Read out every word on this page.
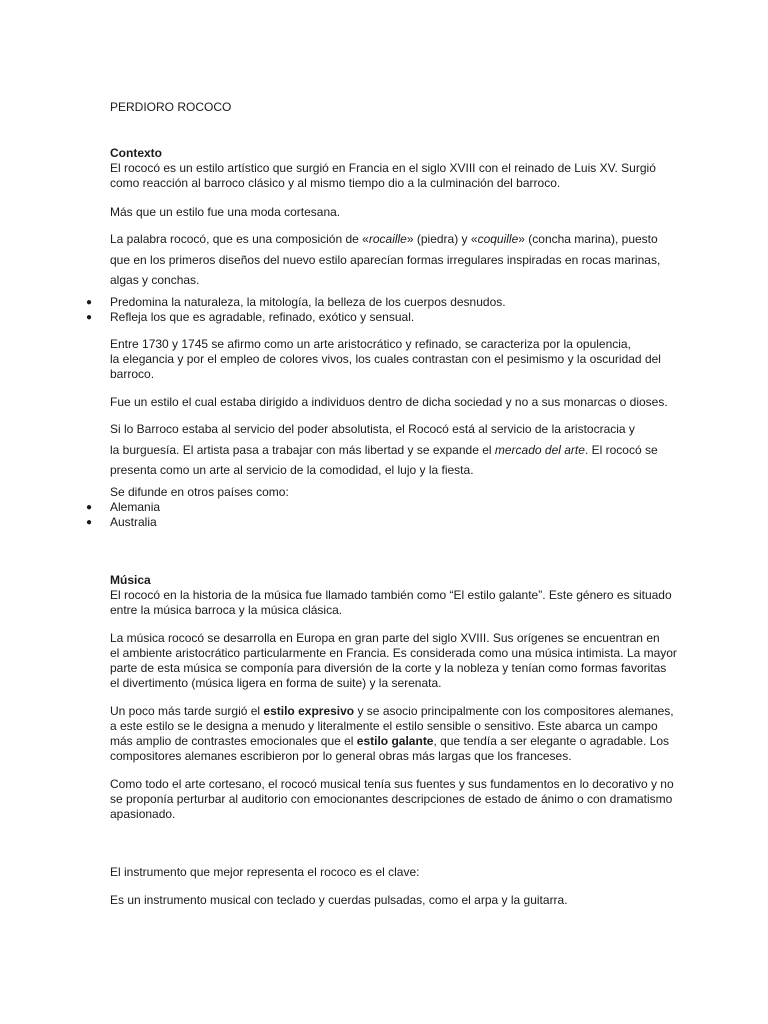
PERDIORO ROCOCO
Contexto
El rococó es un estilo artístico que surgió en Francia en el siglo XVIII con el reinado de Luis XV. Surgió
como reacción al barroco clásico y al mismo tiempo dio a la culminación del barroco.
Más que un estilo fue una moda cortesana.
La palabra rococó, que es una composición de «rocaille» (piedra) y «coquille» (concha marina), puesto
que en los primeros diseños del nuevo estilo aparecían formas irregulares inspiradas en rocas marinas,
algas y conchas.
● Predomina la naturaleza, la mitología, la belleza de los cuerpos desnudos.
● Refleja los que es agradable, refinado, exótico y sensual.
Entre 1730 y 1745 se afirmo como un arte aristocrático y refinado, se caracteriza por la opulencia,
la elegancia y por el empleo de colores vivos, los cuales contrastan con el pesimismo y la oscuridad del
barroco.
Fue un estilo el cual estaba dirigido a individuos dentro de dicha sociedad y no a sus monarcas o dioses.
Si lo Barroco estaba al servicio del poder absolutista, el Rococó está al servicio de la aristocracia y
la burguesía. El artista pasa a trabajar con más libertad y se expande el mercado del arte. El rococó se
presenta como un arte al servicio de la comodidad, el lujo y la fiesta.
Se difunde en otros países como:
● Alemania
● Australia
Música
El rococó en la historia de la música fue llamado también como “El estilo galante”. Este género es situado
entre la música barroca y la música clásica.
La música rococó se desarrolla en Europa en gran parte del siglo XVIII. Sus orígenes se encuentran en
el ambiente aristocrático particularmente en Francia. Es considerada como una música intimista. La mayor
parte de esta música se componía para diversión de la corte y la nobleza y tenían como formas favoritas
el divertimento (música ligera en forma de suite) y la serenata.
Un poco más tarde surgió el estilo expresivo y se asocio principalmente con los compositores alemanes,
a este estilo se le designa a menudo y literalmente el estilo sensible o sensitivo. Este abarca un campo
más amplio de contrastes emocionales que el estilo galante, que tendía a ser elegante o agradable. Los
compositores alemanes escribieron por lo general obras más largas que los franceses.
Como todo el arte cortesano, el rococó musical tenía sus fuentes y sus fundamentos en lo decorativo y no
se proponía perturbar al auditorio con emocionantes descripciones de estado de ánimo o con dramatismo
apasionado.
El instrumento que mejor representa el rococo es el clave:
Es un instrumento musical con teclado y cuerdas pulsadas, como el arpa y la guitarra.
